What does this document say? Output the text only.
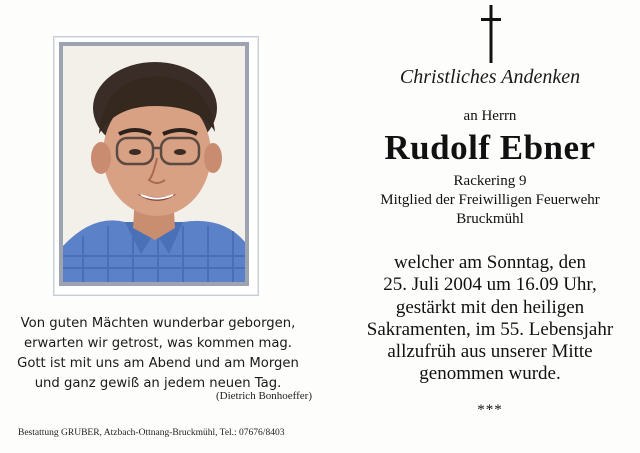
Von guten Mächten wunderbar geborgen,
erwarten wir getrost, was kommen mag.
Gott ist mit uns am Abend und am Morgen
und ganz gewiß an jedem neuen Tag.
(Dietrich Bonhoeffer)
Bestattung GRUBER, Atzbach-Ottnang-Bruckmühl, Tel.: 07676/8403
Christliches Andenken
an Herrn
Rudolf Ebner
Rackering 9
Mitglied der Freiwilligen Feuerwehr
Bruckmühl
welcher am Sonntag, den
25. Juli 2004 um 16.09 Uhr,
gestärkt mit den heiligen
Sakramenten, im 55. Lebensjahr
allzufrüh aus unserer Mitte
genommen wurde.
***
